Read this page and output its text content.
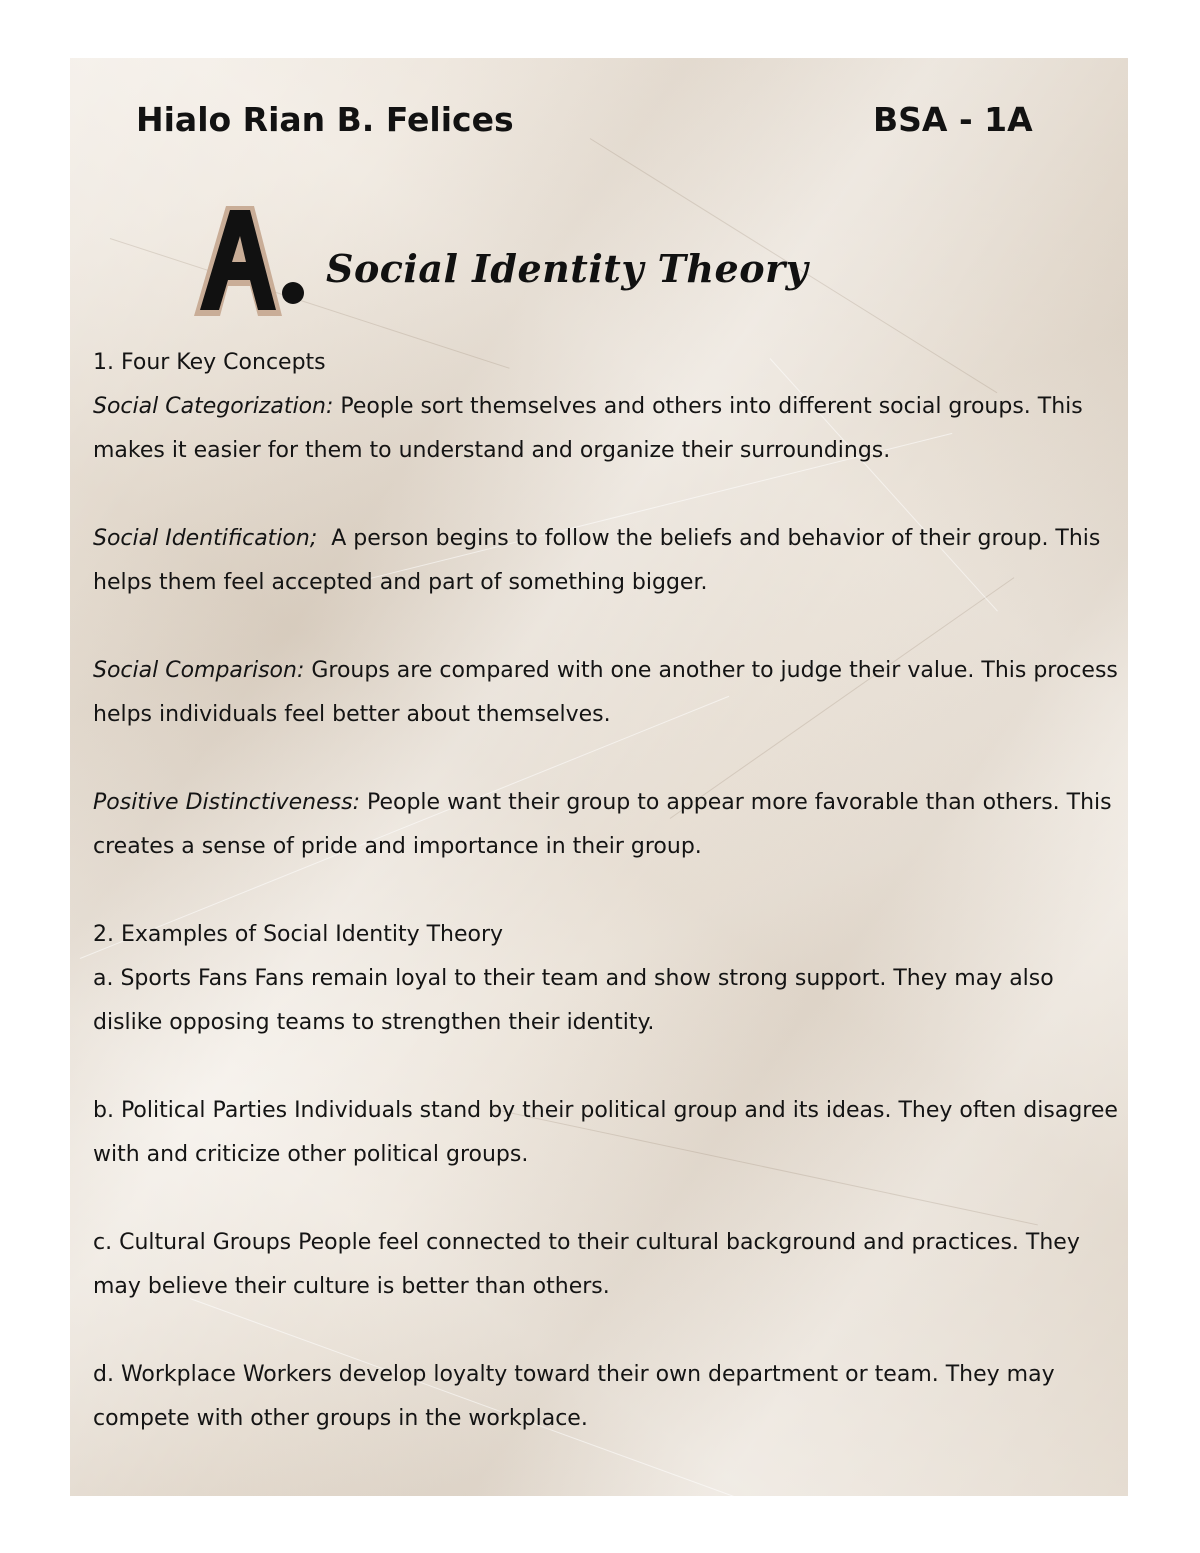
Hialo Rian B. Felices	BSA - 1A
A.
Social Identity Theory

1. Four Key Concepts

Social Categorization: People sort themselves and others into different social groups. This makes it easier for them to understand and organize their surroundings.

Social Identification;  A person begins to follow the beliefs and behavior of their group. This helps them feel accepted and part of something bigger.

Social Comparison: Groups are compared with one another to judge their value. This process helps individuals feel better about themselves.

Positive Distinctiveness: People want their group to appear more favorable than others. This creates a sense of pride and importance in their group.

2. Examples of Social Identity Theory

a. Sports Fans Fans remain loyal to their team and show strong support. They may also dislike opposing teams to strengthen their identity.

b. Political Parties Individuals stand by their political group and its ideas. They often disagree with and criticize other political groups.

c. Cultural Groups People feel connected to their cultural background and practices. They may believe their culture is better than others.

d. Workplace Workers develop loyalty toward their own department or team. They may compete with other groups in the workplace.
